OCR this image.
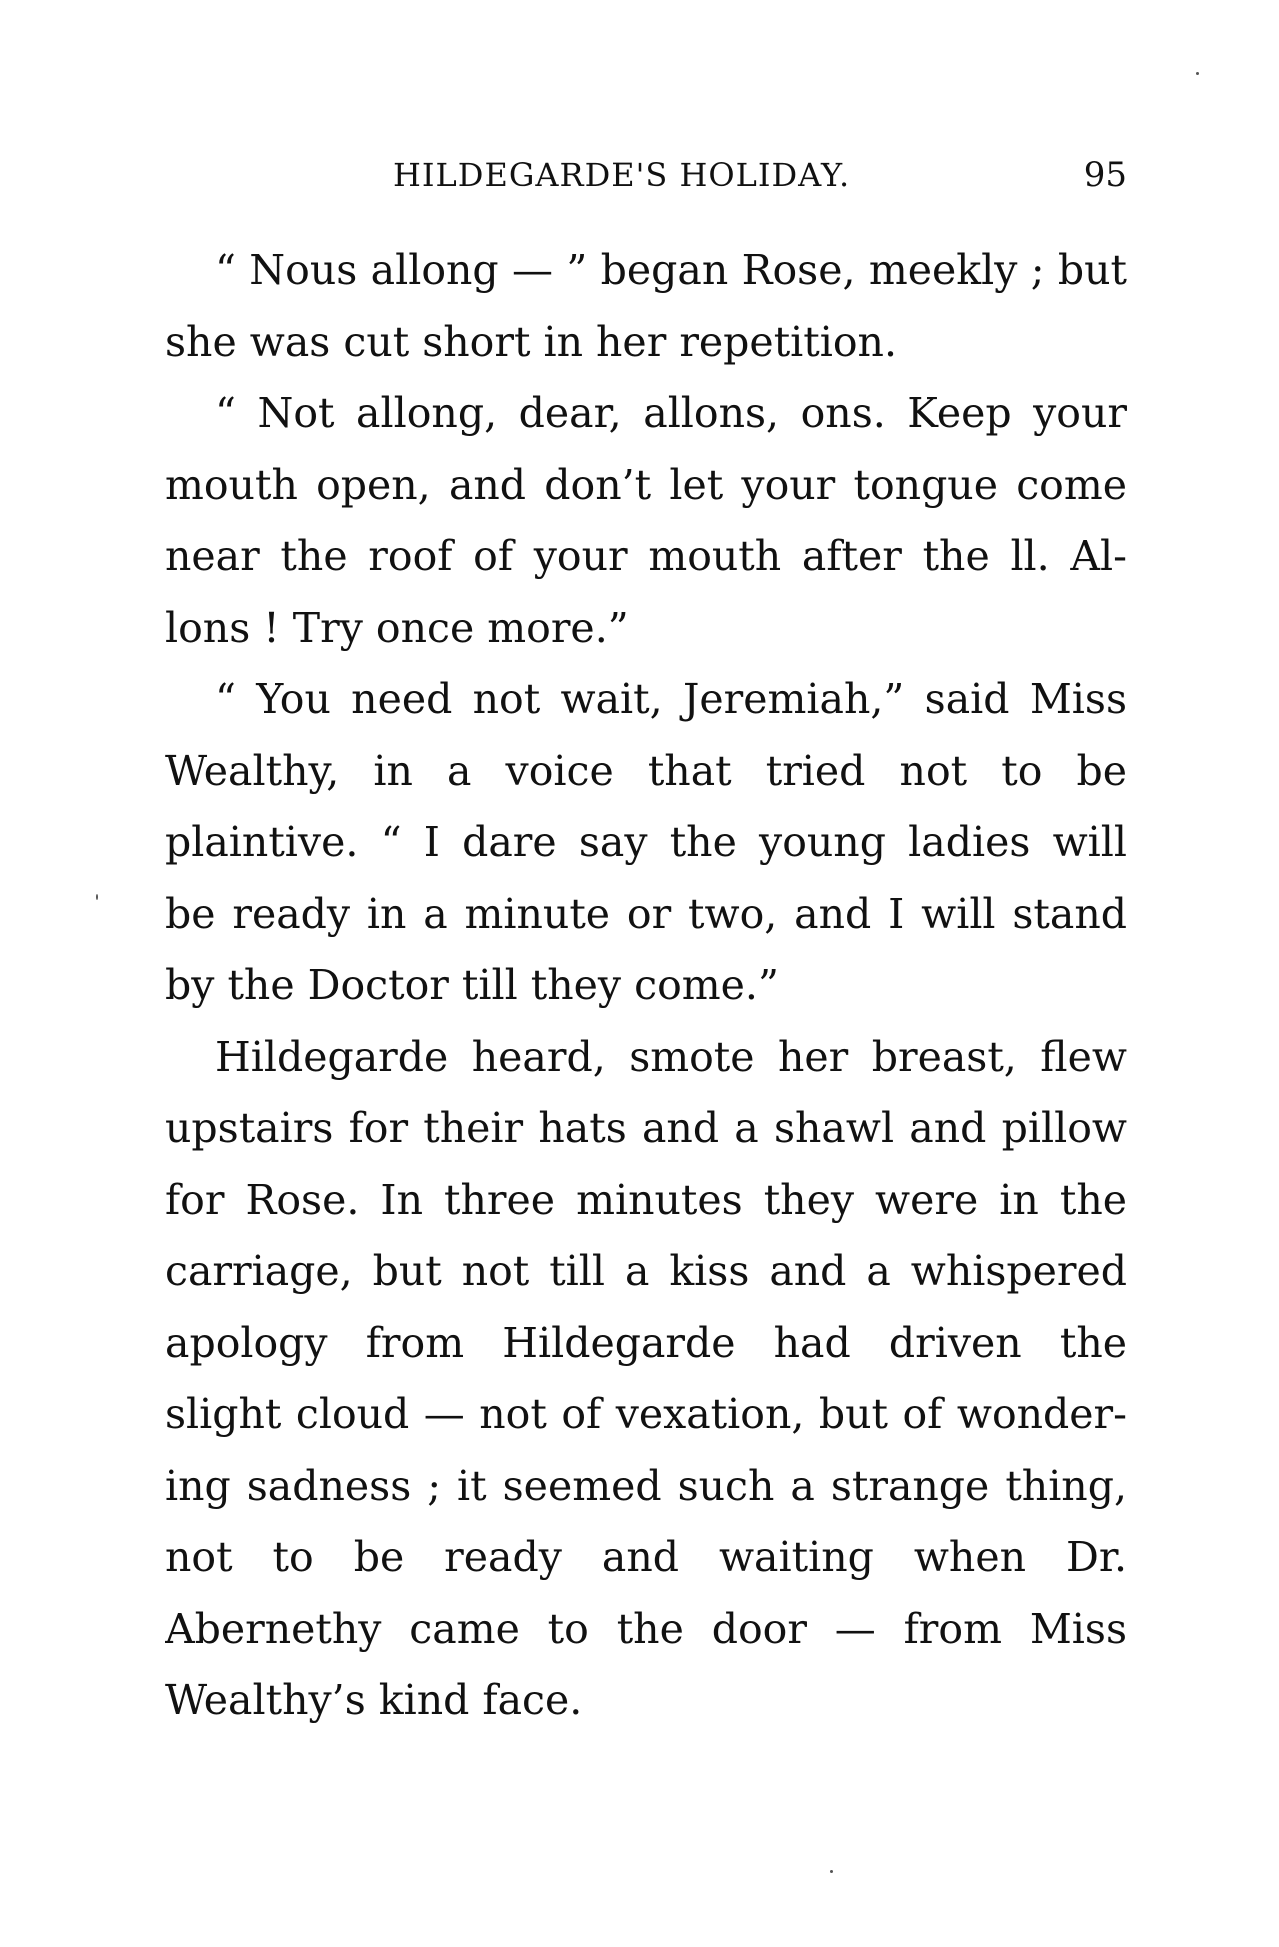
HILDEGARDE'S HOLIDAY.	95
“ Nous allong — ” began Rose, meekly ; but
she was cut short in her repetition.
“ Not allong, dear, allons, ons. Keep your
mouth open, and don’t let your tongue come
near the roof of your mouth after the ll. Al-
lons ! Try once more.”
“ You need not wait, Jeremiah,” said Miss
Wealthy, in a voice that tried not to be
plaintive. “ I dare say the young ladies will
be ready in a minute or two, and I will stand
by the Doctor till they come.”
Hildegarde heard, smote her breast, flew
upstairs for their hats and a shawl and pillow
for Rose. In three minutes they were in the
carriage, but not till a kiss and a whispered
apology from Hildegarde had driven the
slight cloud — not of vexation, but of wonder-
ing sadness ; it seemed such a strange thing,
not to be ready and waiting when Dr.
Abernethy came to the door — from Miss
Wealthy’s kind face.
